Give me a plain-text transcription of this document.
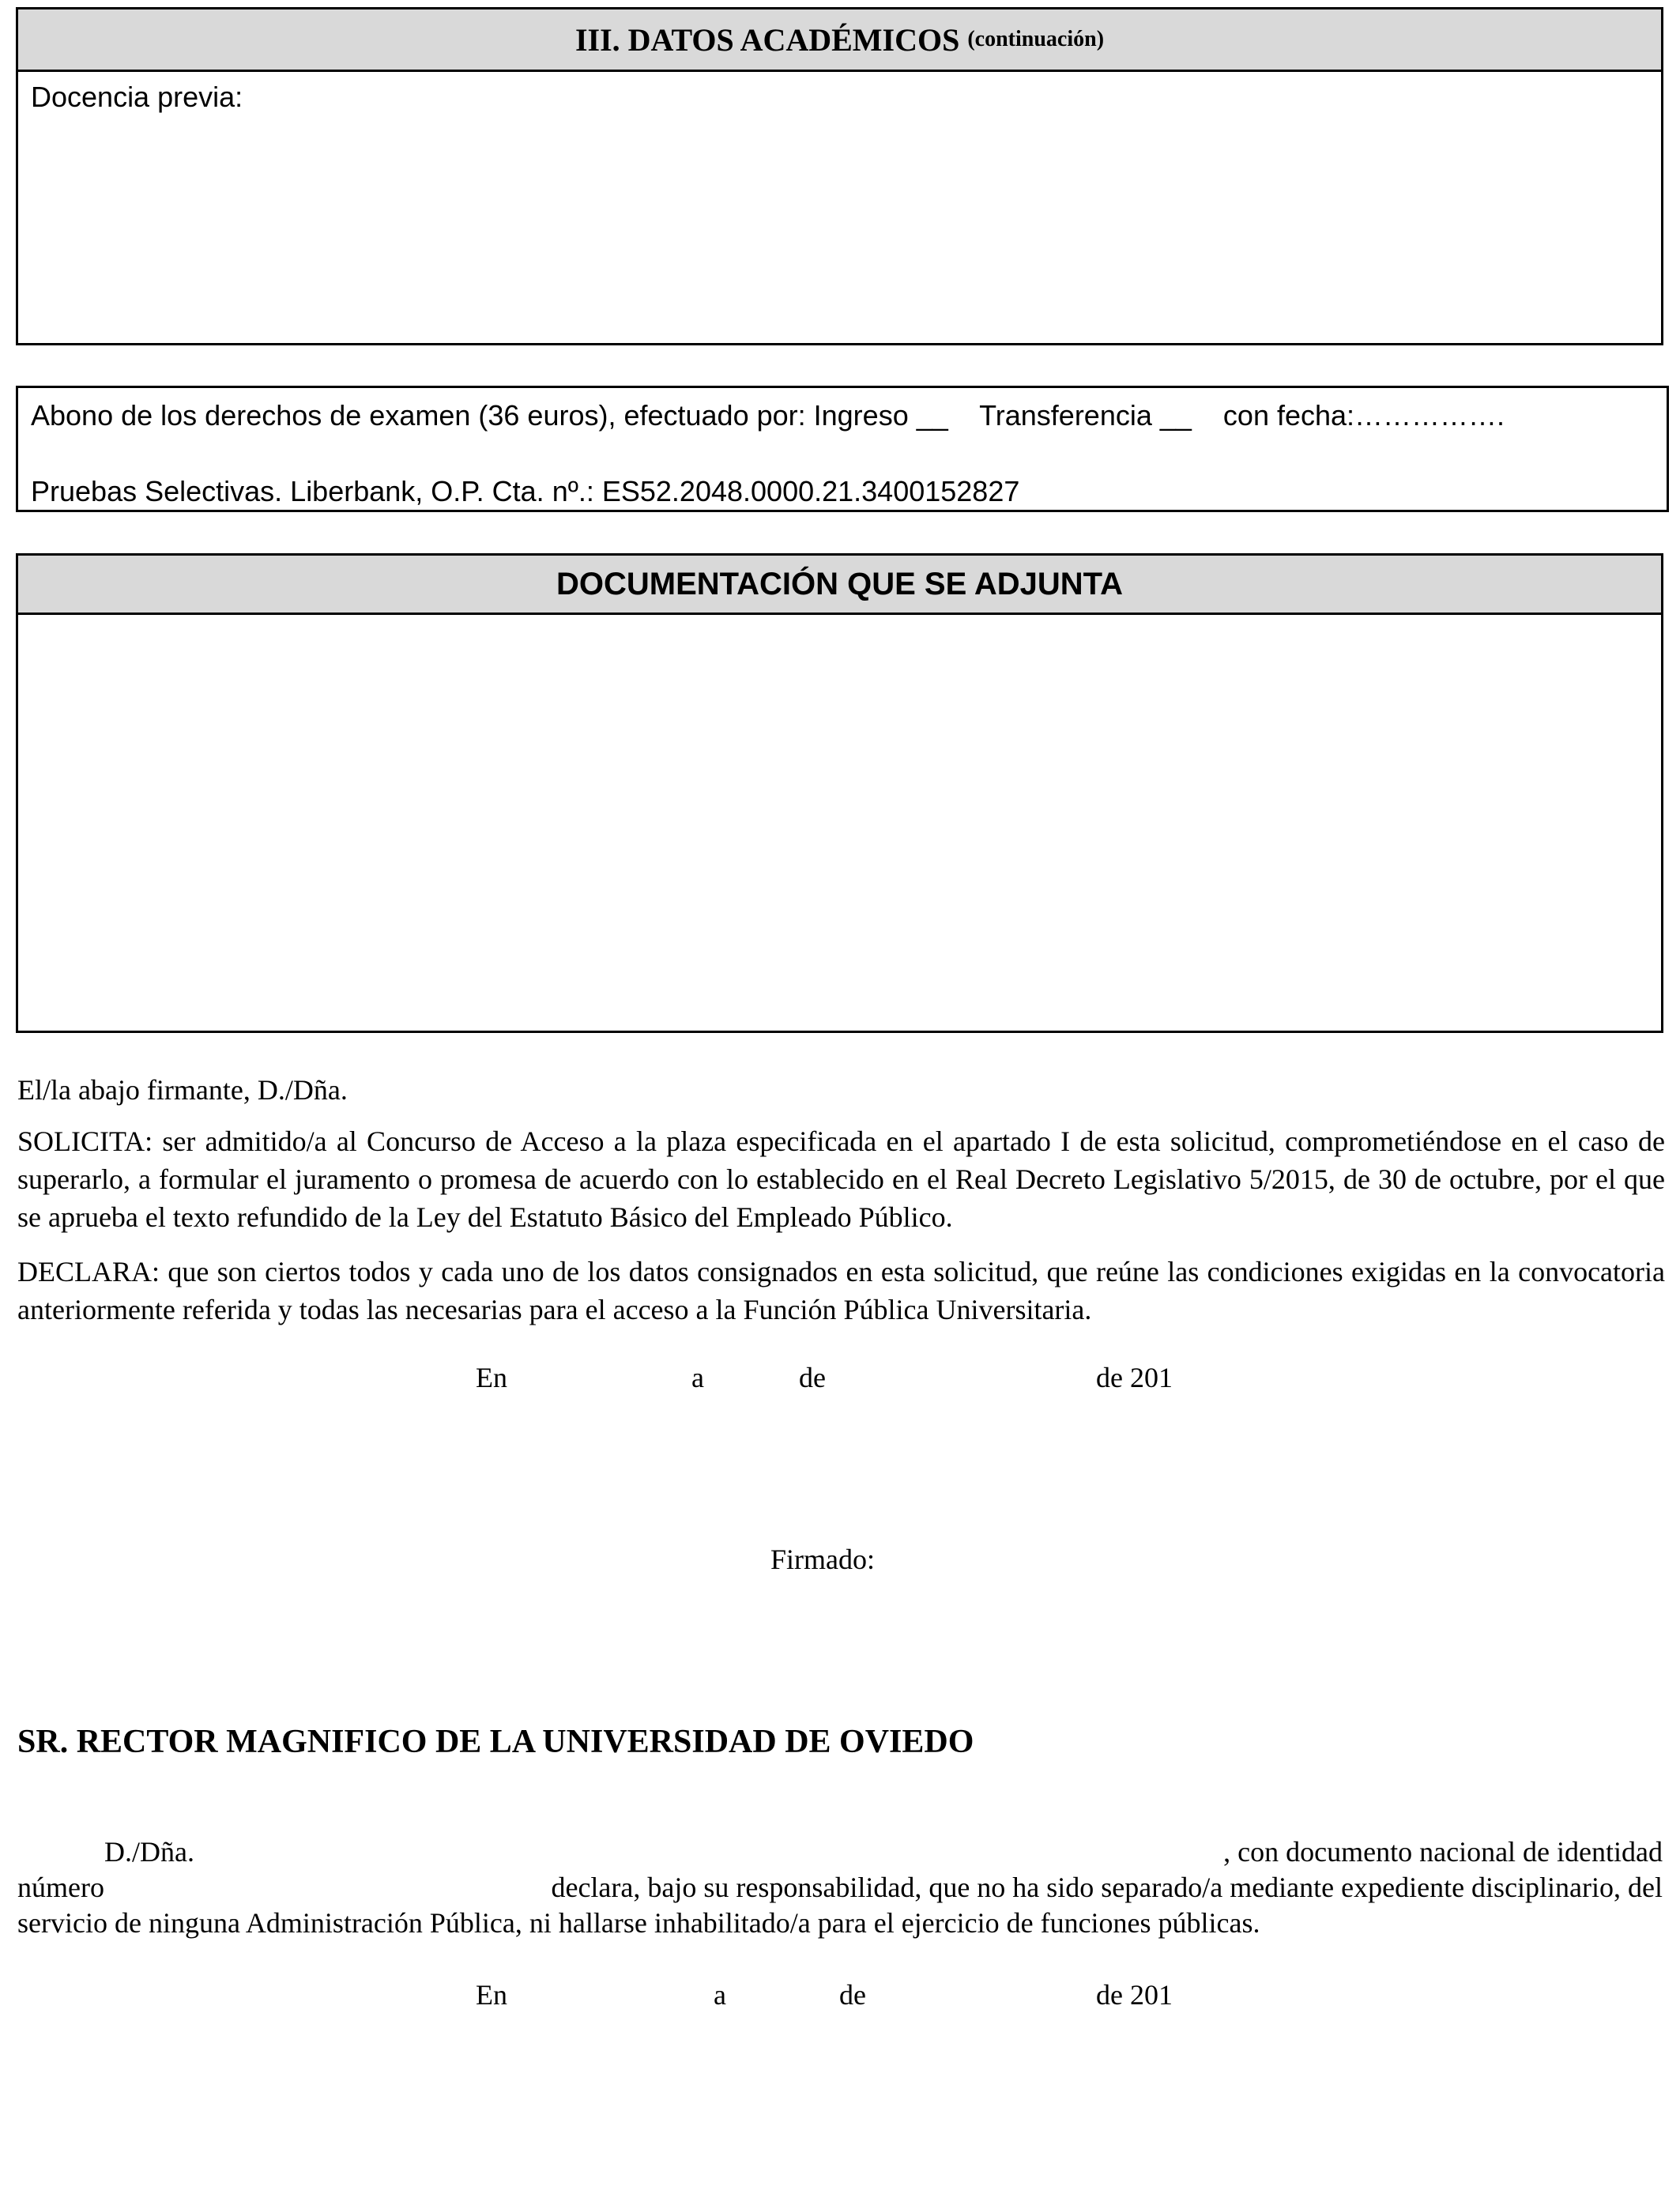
III. DATOS ACADÉMICOS (continuación)
Docencia previa:
Abono de los derechos de examen (36 euros), efectuado por: Ingreso __    Transferencia __    con fecha:…………….
Pruebas Selectivas. Liberbank, O.P. Cta. nº.: ES52.2048.0000.21.3400152827
DOCUMENTACIÓN QUE SE ADJUNTA
El/la abajo firmante, D./Dña.
SOLICITA: ser admitido/a al Concurso de Acceso a la plaza especificada en el apartado I de esta solicitud, comprometiéndose en el caso de superarlo, a formular el juramento o promesa de acuerdo con lo establecido en el Real Decreto Legislativo 5/2015, de 30 de octubre, por el que se aprueba el texto refundido de la Ley del Estatuto Básico del Empleado Público.
DECLARA: que son ciertos todos y cada uno de los datos consignados en esta solicitud, que reúne las condiciones exigidas en la convocatoria anteriormente referida y todas las necesarias para el acceso a la Función Pública Universitaria.
En	a	de	de 201
Firmado:
SR. RECTOR MAGNIFICO DE LA UNIVERSIDAD DE OVIEDO
D./Dña.	, con documento nacional de identidad
número	declara, bajo su responsabilidad, que no ha sido separado/a mediante expediente disciplinario, del
servicio de ninguna Administración Pública, ni hallarse inhabilitado/a para el ejercicio de funciones públicas.
En	a	de	de 201
